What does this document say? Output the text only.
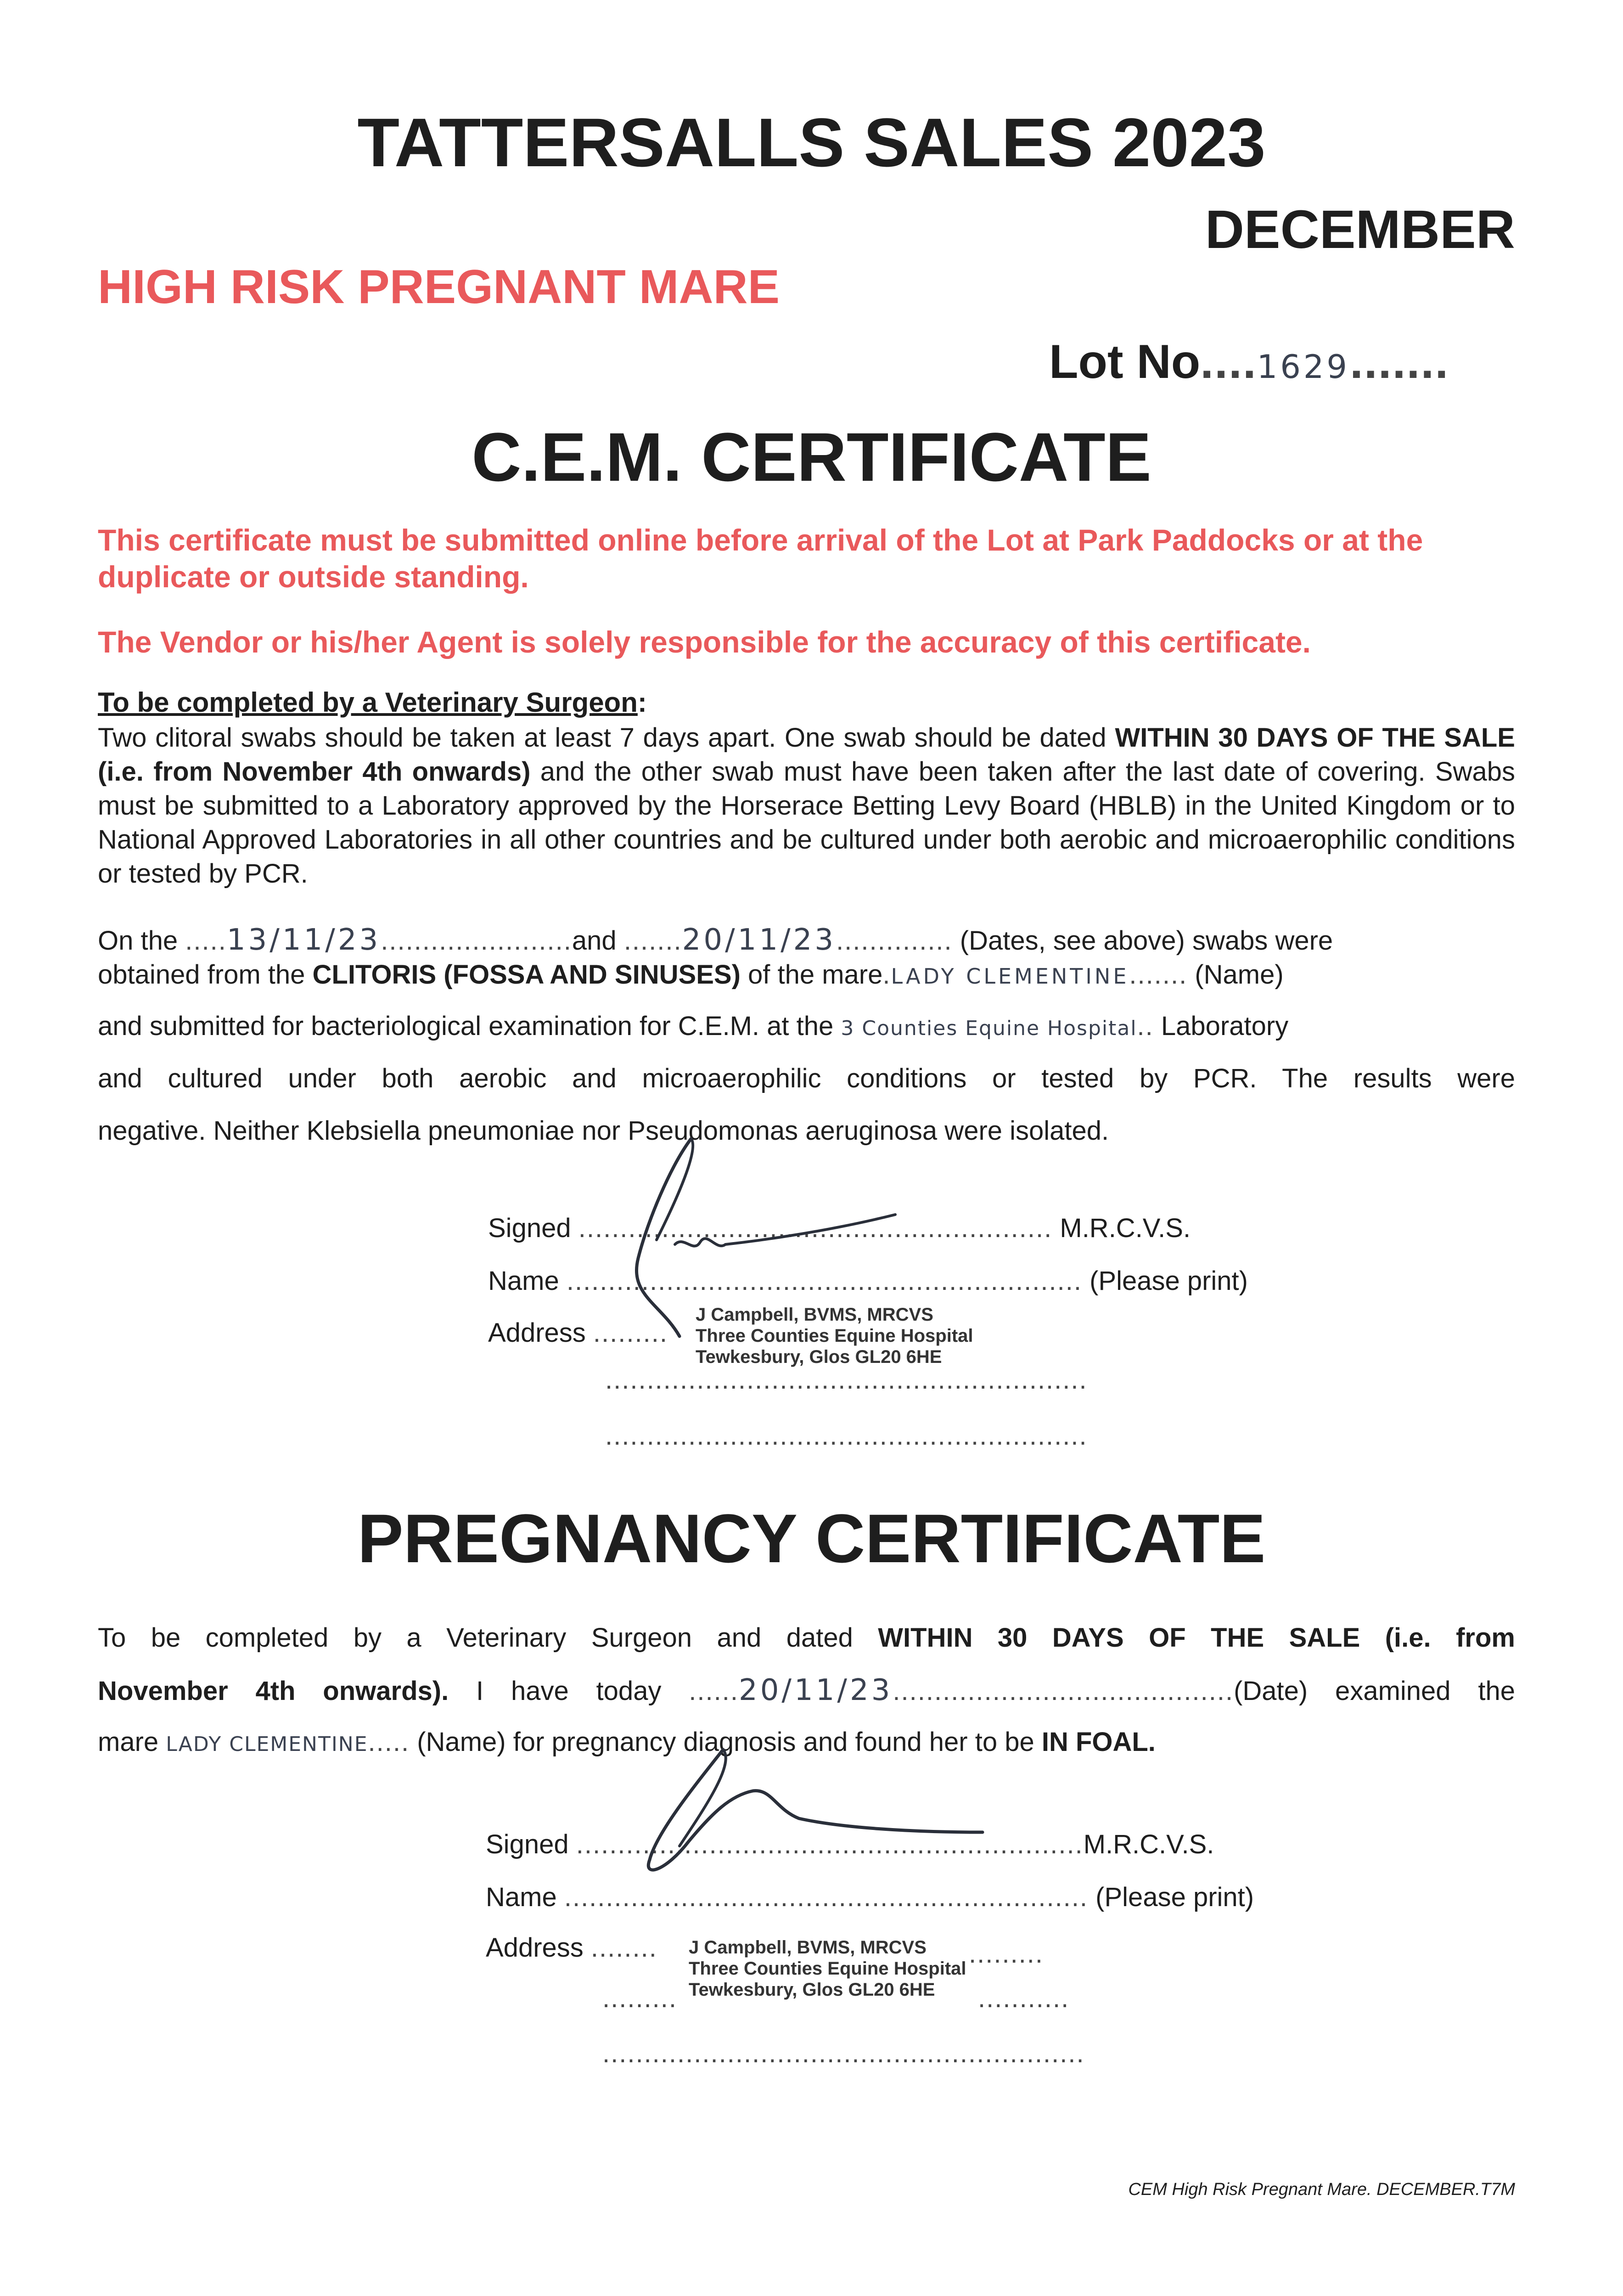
TATTERSALLS SALES 2023
DECEMBER
HIGH RISK PREGNANT MARE
Lot No....1629.......
C.E.M. CERTIFICATE
This certificate must be submitted online before arrival of the Lot at Park Paddocks or at the duplicate or outside standing.
The Vendor or his/her Agent is solely responsible for the accuracy of this certificate.
To be completed by a Veterinary Surgeon:
Two clitoral swabs should be taken at least 7 days apart. One swab should be dated WITHIN 30 DAYS OF THE SALE (i.e. from November 4th onwards) and the other swab must have been taken after the last date of covering. Swabs must be submitted to a Laboratory approved by the Horserace Betting Levy Board (HBLB) in the United Kingdom or to National Approved Laboratories in all other countries and be cultured under both aerobic and microaerophilic conditions or tested by PCR.
On the .....13/11/23.......................and .......20/11/23.............. (Dates, see above) swabs were
obtained from the CLITORIS (FOSSA AND SINUSES) of the mare.LADY CLEMENTINE....... (Name)
and submitted for bacteriological examination for C.E.M. at the 3 Counties Equine Hospital.. Laboratory
and cultured under both aerobic and microaerophilic conditions or tested by PCR. The results were
negative. Neither Klebsiella pneumoniae nor Pseudomonas aeruginosa were isolated.
Signed ......................................................... M.R.C.V.S.
Name .............................................................. (Please print)
Address .........
J Campbell, BVMS, MRCVS
Three Counties Equine Hospital
Tewkesbury, Glos GL20 6HE
..........................................................
..........................................................
PREGNANCY CERTIFICATE
To be completed by a Veterinary Surgeon and dated WITHIN 30 DAYS OF THE SALE (i.e. from
November 4th onwards). I have today ......20/11/23.........................................(Date) examined the
mare LADY CLEMENTINE..... (Name) for pregnancy diagnosis and found her to be IN FOAL.
Signed .............................................................M.R.C.V.S.
Name ............................................................... (Please print)
Address ........ J Campbell, BVMS, MRCVS
Three Counties Equine Hospital
Tewkesbury, Glos GL20 6HE
.........
.........	...........
..........................................................
CEM High Risk Pregnant Mare. DECEMBER.T7M
